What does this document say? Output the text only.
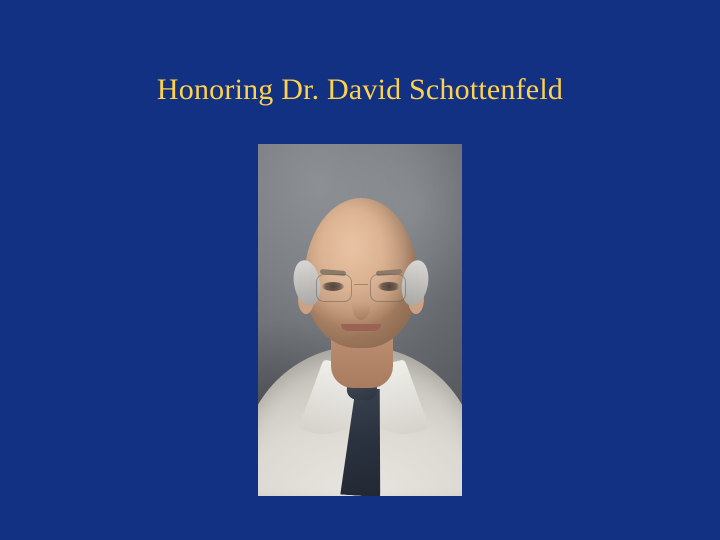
Honoring Dr. David Schottenfeld
